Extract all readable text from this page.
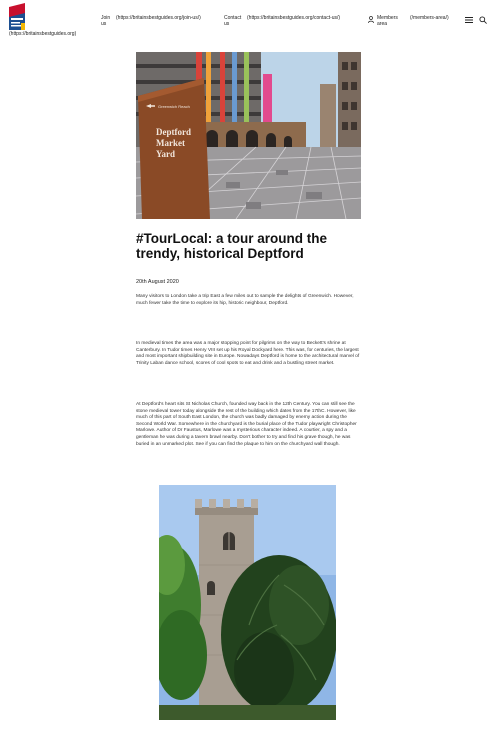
(https://britainsbestguides.org)
Join us
(https://britainsbestguides.org/join-us/)	Contact us
(https://britainsbestguides.org/contact-us/)	Members area
(/members-area/)
Greenwich Reach
Deptford
Market
Yard
#TourLocal: a tour around the trendy, historical Deptford
20th August 2020

Many visitors to London take a trip East a few miles out to sample the delights of Greenwich. However, much fewer take the time to explore its hip, historic neighbour, Deptford.

In medieval times the area was a major stopping point for pilgrims on the way to Beckett's shrine at Canterbury. In Tudor times Henry VIII set up his Royal Dockyard here. This was, for centuries, the largest and most important shipbuilding site in Europe. Nowadays Deptford is home to the architectural marvel of Trinity Laban dance school, scores of cool spots to eat and drink and a bustling street market.

At Deptford's heart sits St Nicholas Church, founded way back in the 12th Century. You can still see the stone medieval tower today alongside the rest of the building which dates from the 17thC. However, like much of this part of South East London, the church was badly damaged by enemy action during the Second World War. Somewhere in the churchyard is the burial place of the Tudor playwright Christopher Marlowe. Author of Dr Faustus, Marlowe was a mysterious character indeed. A courtier, a spy and a gentleman he was during a tavern brawl nearby. Don't bother to try and find his grave though, he was buried in an unmarked plot. See if you can find the plaque to him on the churchyard wall though.
